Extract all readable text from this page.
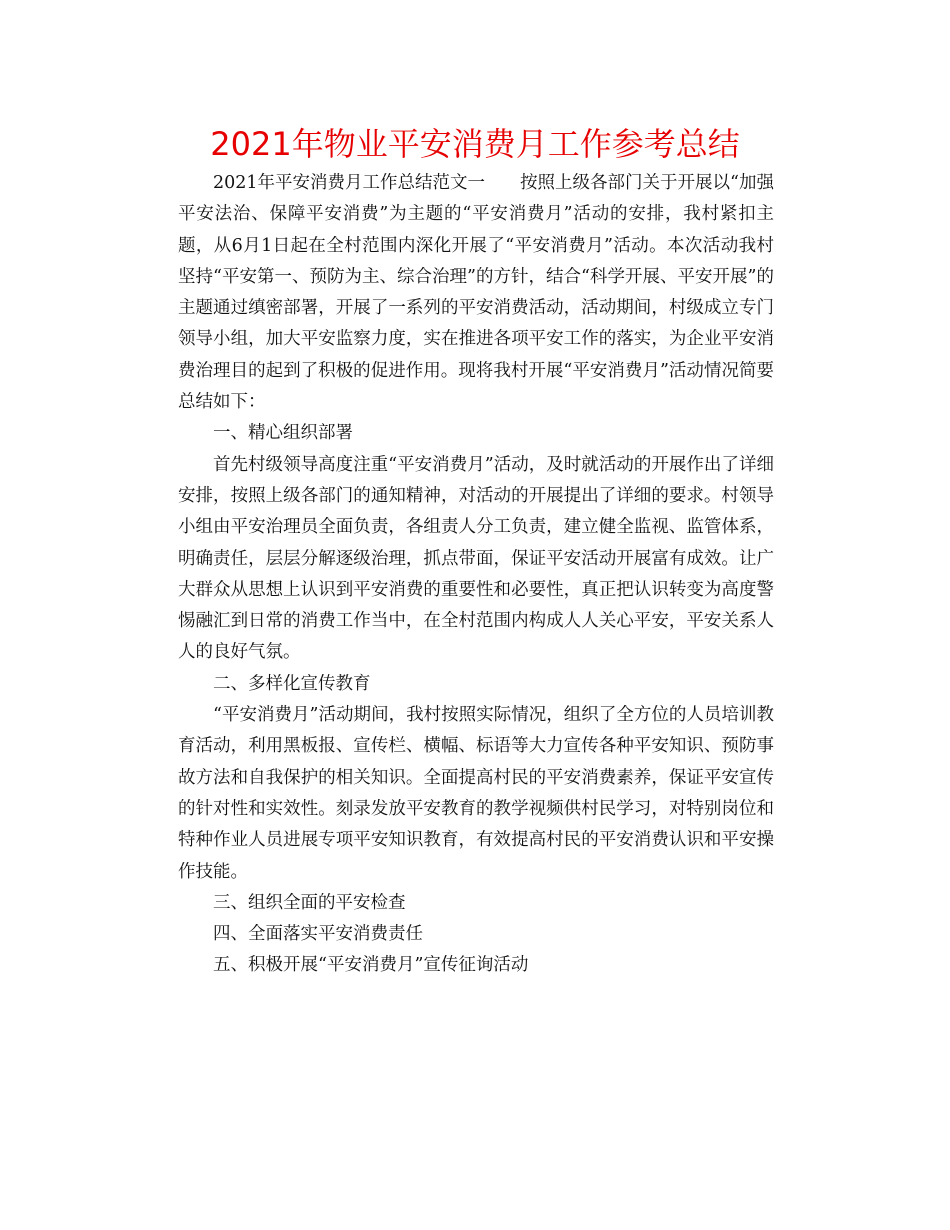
2021年物业平安消费月工作参考总结

2021年平安消费月工作总结范文一　　按照上级各部门关于开展以“加强平安法治、保障平安消费”为主题的“平安消费月”活动的安排，我村紧扣主题，从6月1日起在全村范围内深化开展了“平安消费月”活动。本次活动我村坚持“平安第一、预防为主、综合治理”的方针，结合“科学开展、平安开展”的主题通过缜密部署，开展了一系列的平安消费活动，活动期间，村级成立专门领导小组，加大平安监察力度，实在推进各项平安工作的落实，为企业平安消费治理目的起到了积极的促进作用。现将我村开展“平安消费月”活动情况简要总结如下：

一、精心组织部署

首先村级领导高度注重“平安消费月”活动，及时就活动的开展作出了详细安排，按照上级各部门的通知精神，对活动的开展提出了详细的要求。村领导小组由平安治理员全面负责，各组责人分工负责，建立健全监视、监管体系，明确责任，层层分解逐级治理，抓点带面，保证平安活动开展富有成效。让广大群众从思想上认识到平安消费的重要性和必要性，真正把认识转变为高度警惕融汇到日常的消费工作当中，在全村范围内构成人人关心平安，平安关系人人的良好气氛。

二、多样化宣传教育

“平安消费月”活动期间，我村按照实际情况，组织了全方位的人员培训教育活动，利用黑板报、宣传栏、横幅、标语等大力宣传各种平安知识、预防事故方法和自我保护的相关知识。全面提高村民的平安消费素养，保证平安宣传的针对性和实效性。刻录发放平安教育的教学视频供村民学习，对特别岗位和特种作业人员进展专项平安知识教育，有效提高村民的平安消费认识和平安操作技能。

三、组织全面的平安检查

四、全面落实平安消费责任

五、积极开展“平安消费月”宣传征询活动
